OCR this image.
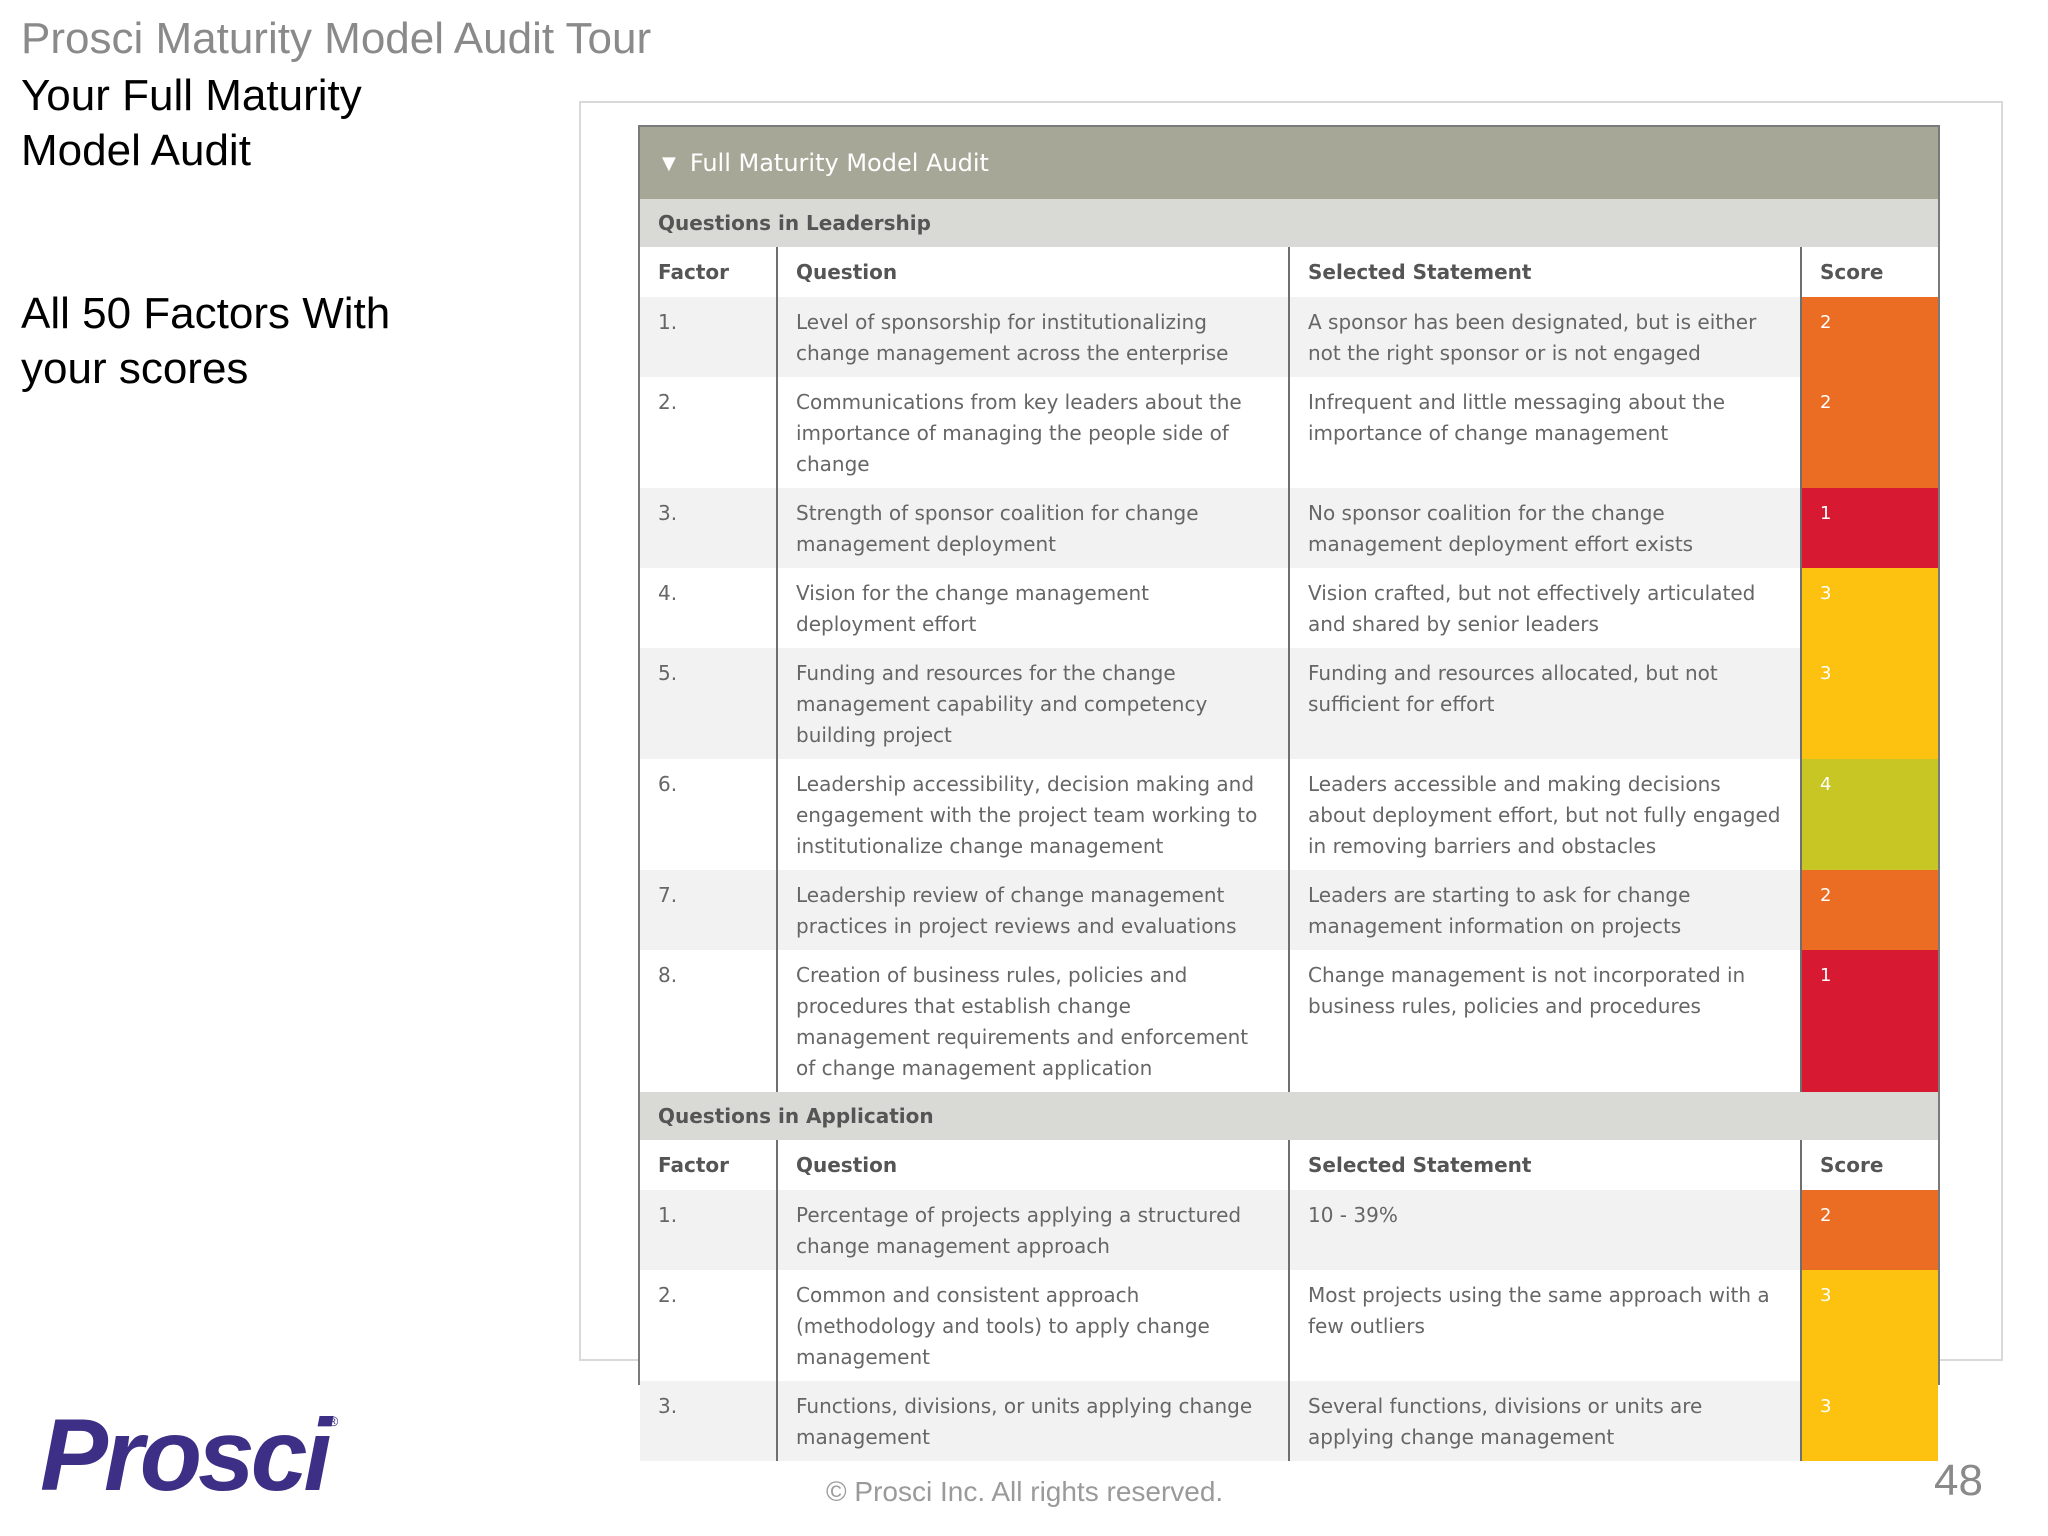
Prosci Maturity Model Audit Tour
Your Full Maturity Model Audit
All 50 Factors With your scores
▼ Full Maturity Model Audit
Questions in Leadership
Factor	Question	Selected Statement	Score
1.	Level of sponsorship for institutionalizing change management across the enterprise	A sponsor has been designated, but is either not the right sponsor or is not engaged	2
2.	Communications from key leaders about the importance of managing the people side of change	Infrequent and little messaging about the importance of change management	2
3.	Strength of sponsor coalition for change management deployment	No sponsor coalition for the change management deployment effort exists	1
4.	Vision for the change management deployment effort	Vision crafted, but not effectively articulated and shared by senior leaders	3
5.	Funding and resources for the change management capability and competency building project	Funding and resources allocated, but not sufficient for effort	3
6.	Leadership accessibility, decision making and engagement with the project team working to institutionalize change management	Leaders accessible and making decisions about deployment effort, but not fully engaged in removing barriers and obstacles	4
7.	Leadership review of change management practices in project reviews and evaluations	Leaders are starting to ask for change management information on projects	2
8.	Creation of business rules, policies and procedures that establish change management requirements and enforcement of change management application	Change management is not incorporated in business rules, policies and procedures	1
Questions in Application
Factor	Question	Selected Statement	Score
1.	Percentage of projects applying a structured change management approach	10 - 39%	2
2.	Common and consistent approach (methodology and tools) to apply change management	Most projects using the same approach with a few outliers	3
3.	Functions, divisions, or units applying change management	Several functions, divisions or units are applying change management	3
Prosci ®
© Prosci Inc. All rights reserved.	48
